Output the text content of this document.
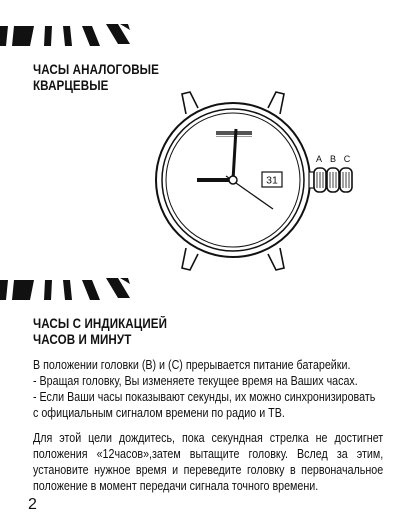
ЧАСЫ АНАЛОГОВЫЕ
КВАРЦЕВЫЕ
31
A B C
ЧАСЫ С ИНДИКАЦИЕЙ
ЧАСОВ И МИНУТ
В положении головки (B) и (C) прерывается питание батарейки.
- Вращая головку, Вы изменяете текущее время на Ваших часах.
- Если Ваши часы показывают секунды, их можно синхронизировать
с официальным сигналом времени по радио и ТВ.
Для этой цели дождитесь, пока секундная стрелка не достигнет
положения «12часов»,затем вытащите головку. Вслед за этим,
установите нужное время и переведите головку в первоначальное
положение в момент передачи сигнала точного времени.
2
